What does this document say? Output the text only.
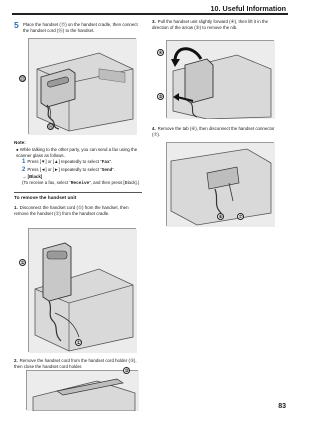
10. Useful Information
5 Place the handset (⑮) on the handset cradle, then connect the handset cord (⑯) to the handset.
⑮
⑯
Note:
● While talking to the other party, you can send a fax using the scanner glass as follows.
1 Press [▼] or [▲] repeatedly to select “Fax”.
2 Press [◄] or [►] repeatedly to select “Send”.
→ [Black]
(To receive a fax, select “Receive”, and then press [Black].)
To remove the handset unit
1. Disconnect the handset cord (①) from the handset, then remove the handset (②) from the handset cradle.
②
①
2. Remove the handset cord from the handset cord holder (③), then close the handset cord holder.
③
3. Pull the handset unit slightly forward (④), then lift it in the direction of the arrow (⑤) to remove the nib.
④
⑤
4. Remove the tab (⑥), then disconnect the handset connector (⑦).
⑥	⑦
83
